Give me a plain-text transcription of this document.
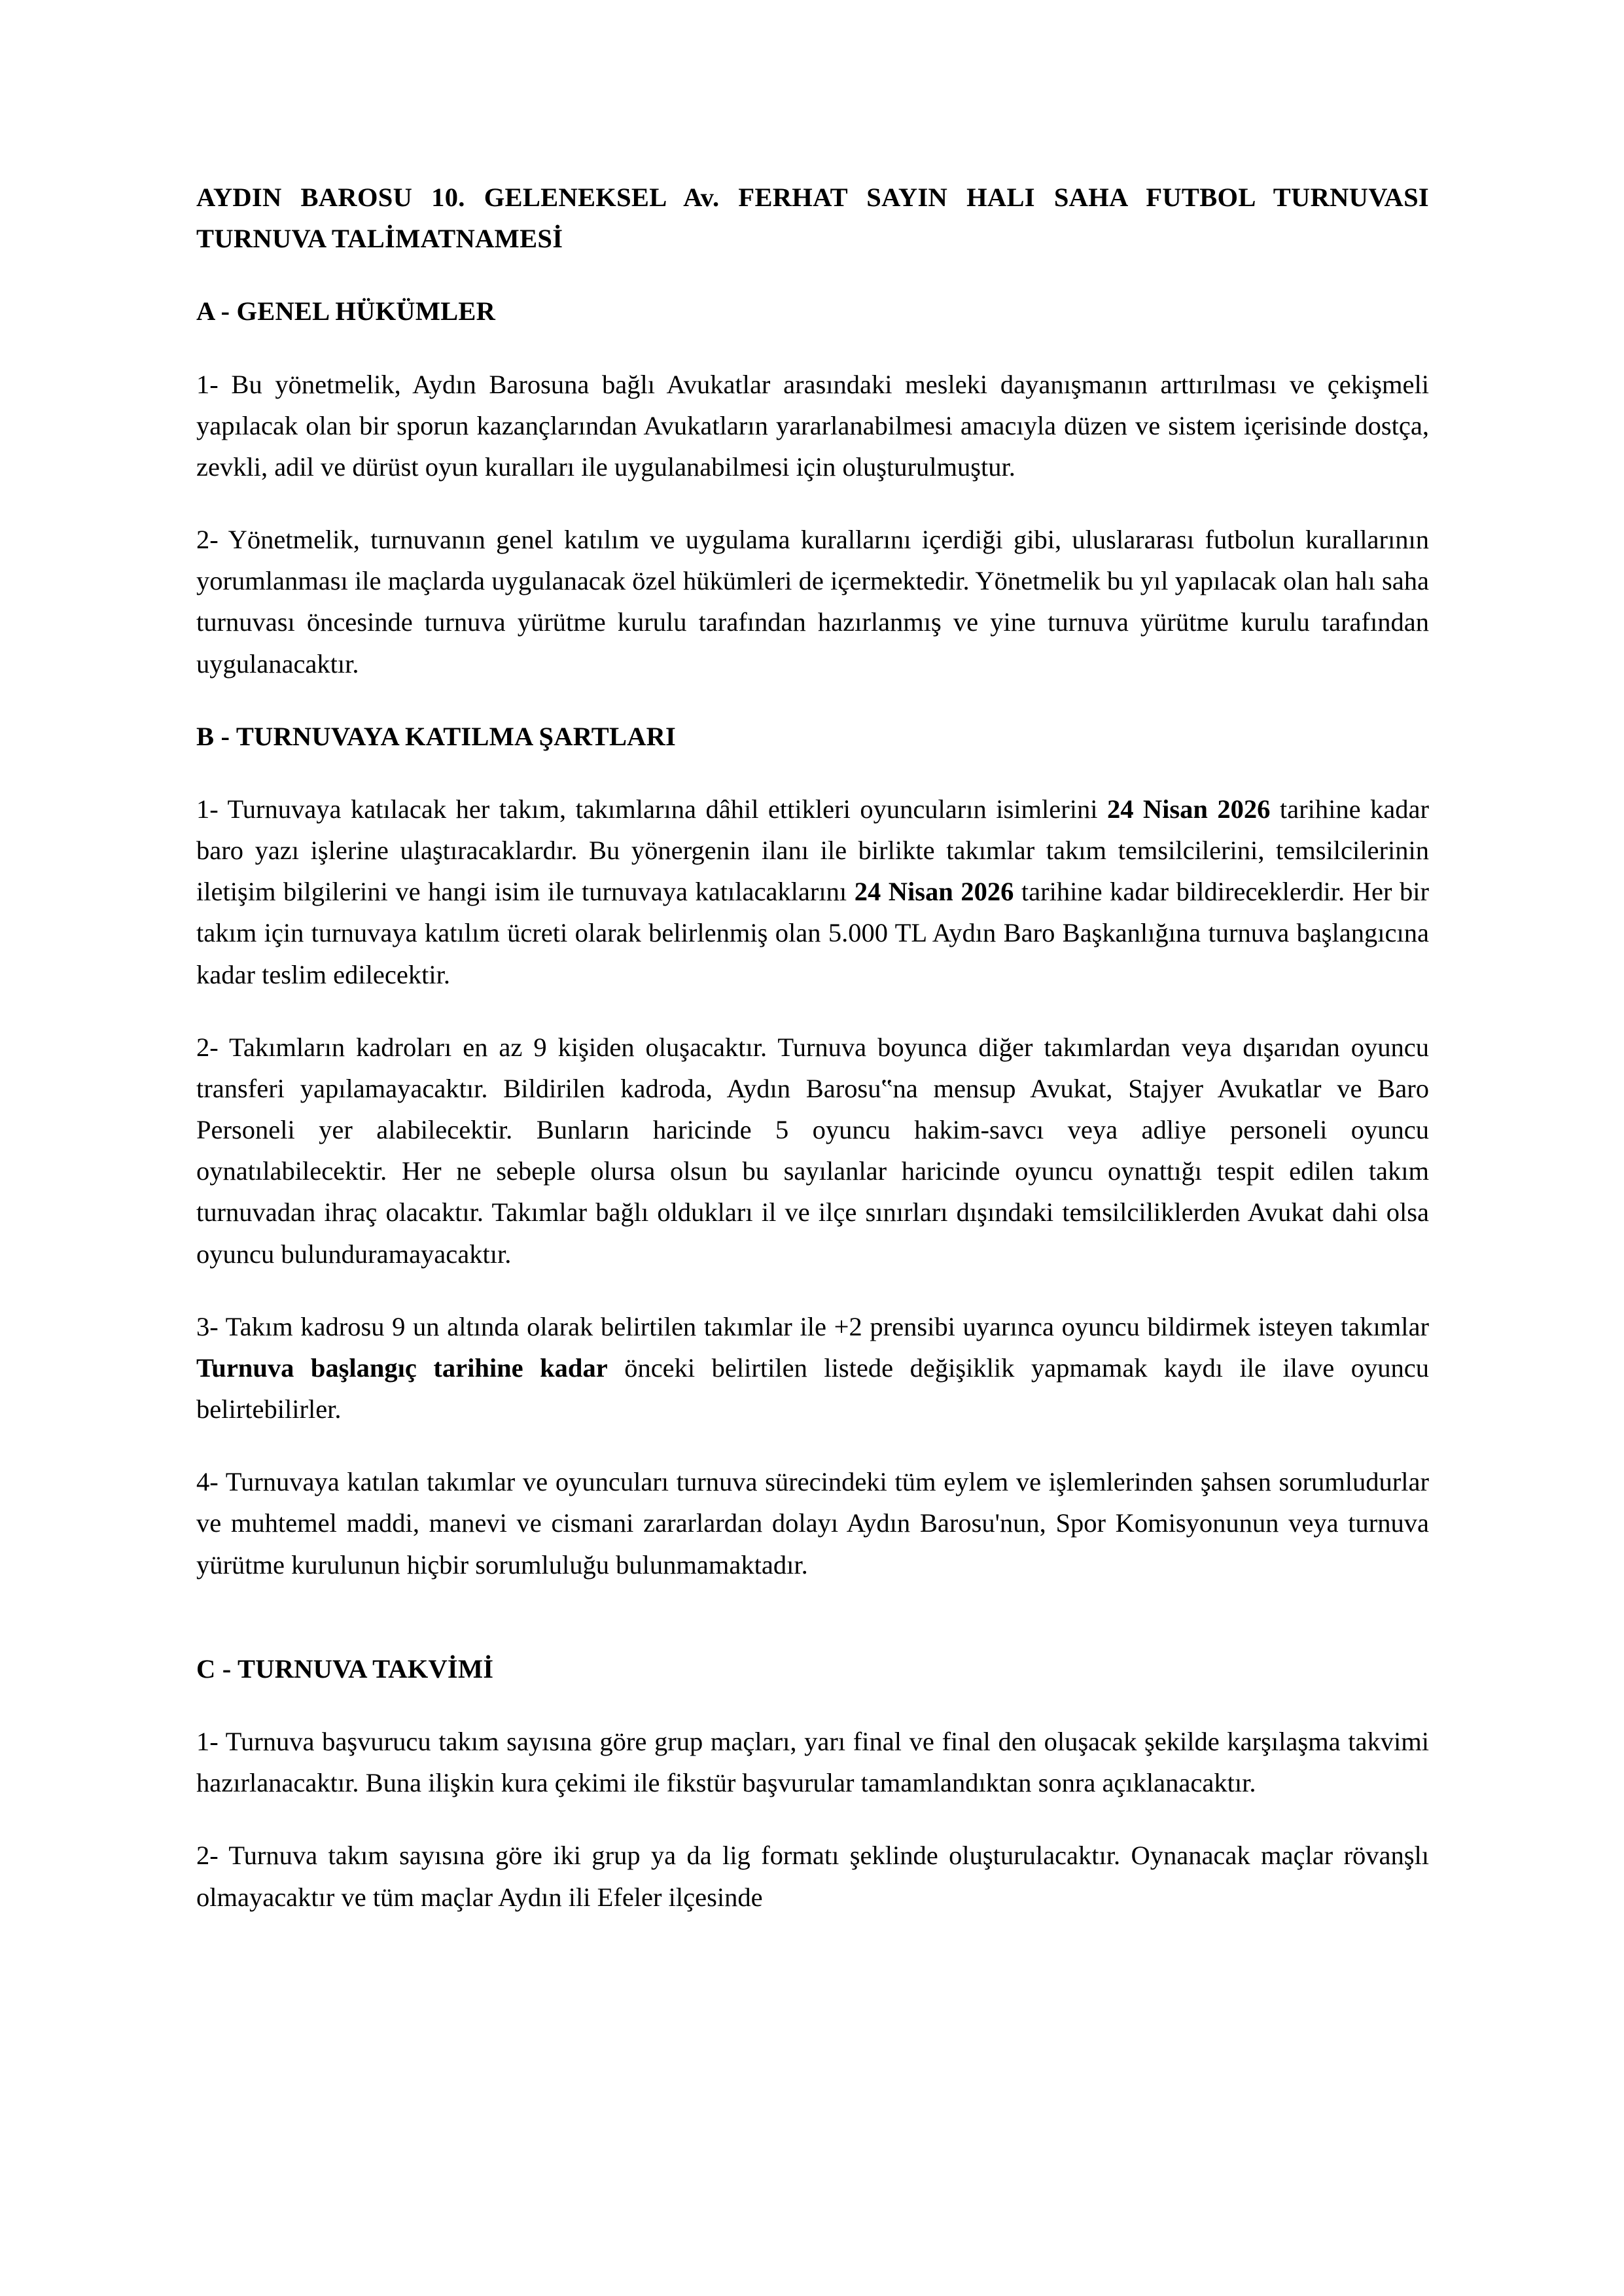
AYDIN BAROSU 10. GELENEKSEL Av. FERHAT SAYIN HALI SAHA FUTBOL TURNUVASI TURNUVA TALİMATNAMESİ
A - GENEL HÜKÜMLER

1- Bu yönetmelik, Aydın Barosuna bağlı Avukatlar arasındaki mesleki dayanışmanın arttırılması ve çekişmeli yapılacak olan bir sporun kazançlarından Avukatların yararlanabilmesi amacıyla düzen ve sistem içerisinde dostça, zevkli, adil ve dürüst oyun kuralları ile uygulanabilmesi için oluşturulmuştur.

2- Yönetmelik, turnuvanın genel katılım ve uygulama kurallarını içerdiği gibi, uluslararası futbolun kurallarının yorumlanması ile maçlarda uygulanacak özel hükümleri de içermektedir. Yönetmelik bu yıl yapılacak olan halı saha turnuvası öncesinde turnuva yürütme kurulu tarafından hazırlanmış ve yine turnuva yürütme kurulu tarafından uygulanacaktır.

B - TURNUVAYA KATILMA ŞARTLARI

1- Turnuvaya katılacak her takım, takımlarına dâhil ettikleri oyuncuların isimlerini 24 Nisan 2026 tarihine kadar baro yazı işlerine ulaştıracaklardır. Bu yönergenin ilanı ile birlikte takımlar takım temsilcilerini, temsilcilerinin iletişim bilgilerini ve hangi isim ile turnuvaya katılacaklarını 24 Nisan 2026 tarihine kadar bildireceklerdir. Her bir takım için turnuvaya katılım ücreti olarak belirlenmiş olan 5.000 TL Aydın Baro Başkanlığına turnuva başlangıcına kadar teslim edilecektir.

2- Takımların kadroları en az 9 kişiden oluşacaktır. Turnuva boyunca diğer takımlardan veya dışarıdan oyuncu transferi yapılamayacaktır. Bildirilen kadroda, Aydın Barosu‟na mensup Avukat, Stajyer Avukatlar ve Baro Personeli yer alabilecektir. Bunların haricinde 5 oyuncu hakim-savcı veya adliye personeli oyuncu oynatılabilecektir. Her ne sebeple olursa olsun bu sayılanlar haricinde oyuncu oynattığı tespit edilen takım turnuvadan ihraç olacaktır. Takımlar bağlı oldukları il ve ilçe sınırları dışındaki temsilciliklerden Avukat dahi olsa oyuncu bulunduramayacaktır.

3- Takım kadrosu 9 un altında olarak belirtilen takımlar ile +2 prensibi uyarınca oyuncu bildirmek isteyen takımlar Turnuva başlangıç tarihine kadar önceki belirtilen listede değişiklik yapmamak kaydı ile ilave oyuncu belirtebilirler.

4- Turnuvaya katılan takımlar ve oyuncuları turnuva sürecindeki tüm eylem ve işlemlerinden şahsen sorumludurlar ve muhtemel maddi, manevi ve cismani zararlardan dolayı Aydın Barosu'nun, Spor Komisyonunun veya turnuva yürütme kurulunun hiçbir sorumluluğu bulunmamaktadır.

C - TURNUVA TAKVİMİ

1- Turnuva başvurucu takım sayısına göre grup maçları, yarı final ve final den oluşacak şekilde karşılaşma takvimi hazırlanacaktır. Buna ilişkin kura çekimi ile fikstür başvurular tamamlandıktan sonra açıklanacaktır.

2- Turnuva takım sayısına göre iki grup ya da lig formatı şeklinde oluşturulacaktır. Oynanacak maçlar rövanşlı olmayacaktır ve tüm maçlar Aydın ili Efeler ilçesinde
